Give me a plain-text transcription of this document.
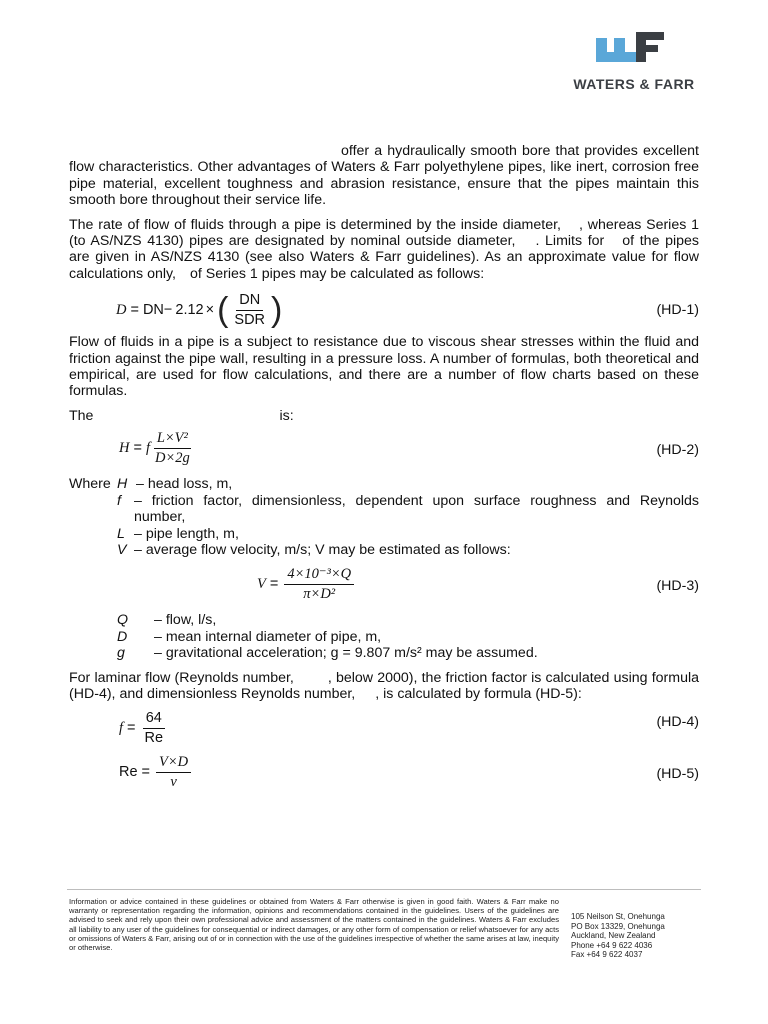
WATERS & FARR

offer a hydraulically smooth bore that provides excellent flow characteristics. Other advantages of Waters & Farr polyethylene pipes, like inert, corrosion free pipe material, excellent toughness and abrasion resistance, ensure that the pipes maintain this smooth bore throughout their service life.

The rate of flow of fluids through a pipe is determined by the inside diameter, , whereas Series 1 (to AS/NZS 4130) pipes are designated by nominal outside diameter, . Limits for of the pipes are given in AS/NZS 4130 (see also Waters & Farr guidelines). As an approximate value for flow calculations only, of Series 1 pipes may be calculated as follows:

D = DN − 2.12 × ( $\frac{DN}{\text{SDR}}$ )	(HD-1)

Flow of fluids in a pipe is a subject to resistance due to viscous shear stresses within the fluid and friction against the pipe wall, resulting in a pressure loss. A number of formulas, both theoretical and empirical, are used for flow calculations, and there are a number of flow charts based on these formulas.

The	is:

H = f $\frac{\text{L×V²}}{D\times 2g}$	(HD-2)
Where H – head loss, m,
f – friction factor, dimensionless, dependent upon surface roughness and Reynolds number,
L – pipe length, m,
V – average flow velocity, m/s; V may be estimated as follows:
$V = \frac{\text{4×10⁻³×Q}}{\text{π×D²}}$	(HD-3)
Q	– flow, l/s,
D	– mean internal diameter of pipe, m,
g	– gravitational acceleration; g = 9.807 m/s² may be assumed.

For laminar flow (Reynolds number, , below 2000), the friction factor is calculated using formula (HD-4), and dimensionless Reynolds number, , is calculated by formula (HD-5):

$f = \frac{64}{Re}$	(HD-4)
$Re = \frac{V\times D}{\nu}$	(HD-5)
Information or advice contained in these guidelines or obtained from Waters & Farr otherwise is given in good faith. Waters & Farr make no warranty or representation regarding the information, opinions and recommendations contained in the guidelines. Users of the guidelines are advised to seek and rely upon their own professional advice and assessment of the matters contained in the guidelines. Waters & Farr excludes all liability to any user of the guidelines for consequential or indirect damages, or any other form of compensation or relief whatsoever for any acts or omissions of Waters & Farr, arising out of or in connection with the use of the guidelines irrespective of whether the same arises at law, inequity or otherwise.
105 Neilson St, Onehunga
PO Box 13329, Onehunga
Auckland, New Zealand
Phone +64 9 622 4036
Fax +64 9 622 4037
